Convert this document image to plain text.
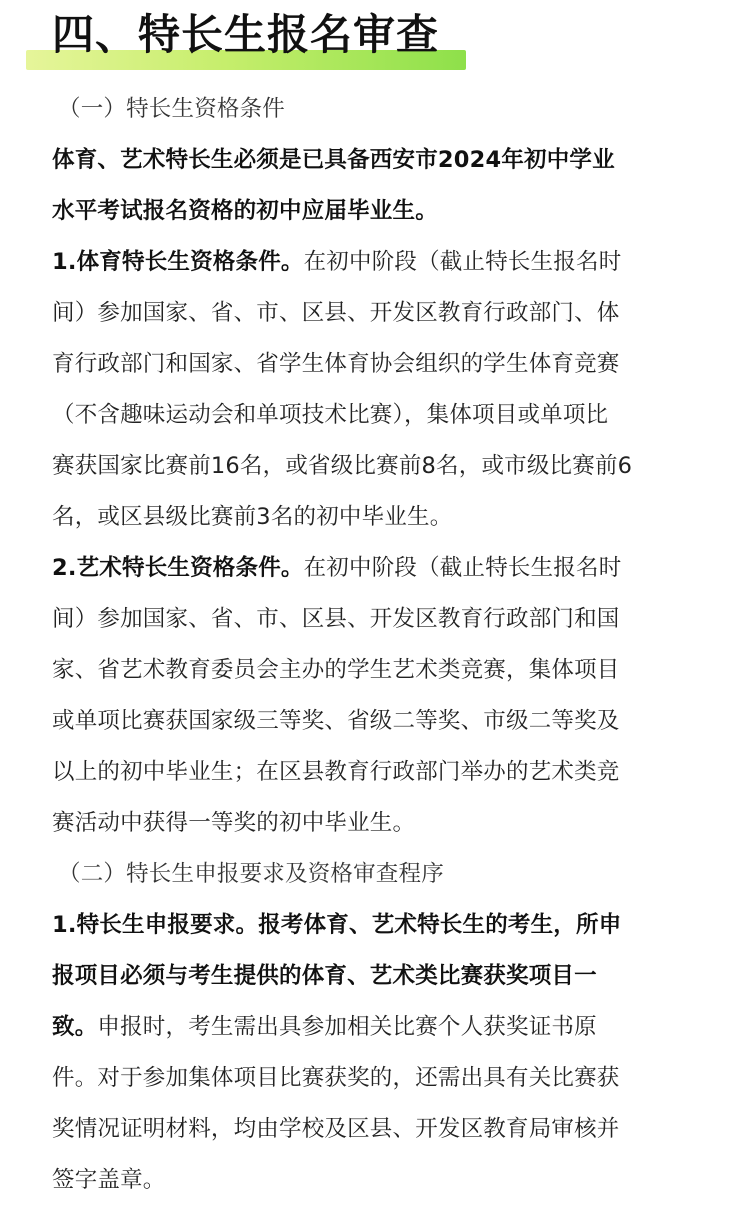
四、特长生报名审查
（一）特长生资格条件
体育、艺术特长生必须是已具备西安市2024年初中学业
水平考试报名资格的初中应届毕业生。
1.体育特长生资格条件。在初中阶段（截止特长生报名时
间）参加国家、省、市、区县、开发区教育行政部门、体
育行政部门和国家、省学生体育协会组织的学生体育竞赛
（不含趣味运动会和单项技术比赛），集体项目或单项比
赛获国家比赛前16名，或省级比赛前8名，或市级比赛前6
名，或区县级比赛前3名的初中毕业生。
2.艺术特长生资格条件。在初中阶段（截止特长生报名时
间）参加国家、省、市、区县、开发区教育行政部门和国
家、省艺术教育委员会主办的学生艺术类竞赛，集体项目
或单项比赛获国家级三等奖、省级二等奖、市级二等奖及
以上的初中毕业生；在区县教育行政部门举办的艺术类竞
赛活动中获得一等奖的初中毕业生。
（二）特长生申报要求及资格审查程序
1.特长生申报要求。报考体育、艺术特长生的考生，所申
报项目必须与考生提供的体育、艺术类比赛获奖项目一
致。申报时，考生需出具参加相关比赛个人获奖证书原
件。对于参加集体项目比赛获奖的，还需出具有关比赛获
奖情况证明材料，均由学校及区县、开发区教育局审核并
签字盖章。
